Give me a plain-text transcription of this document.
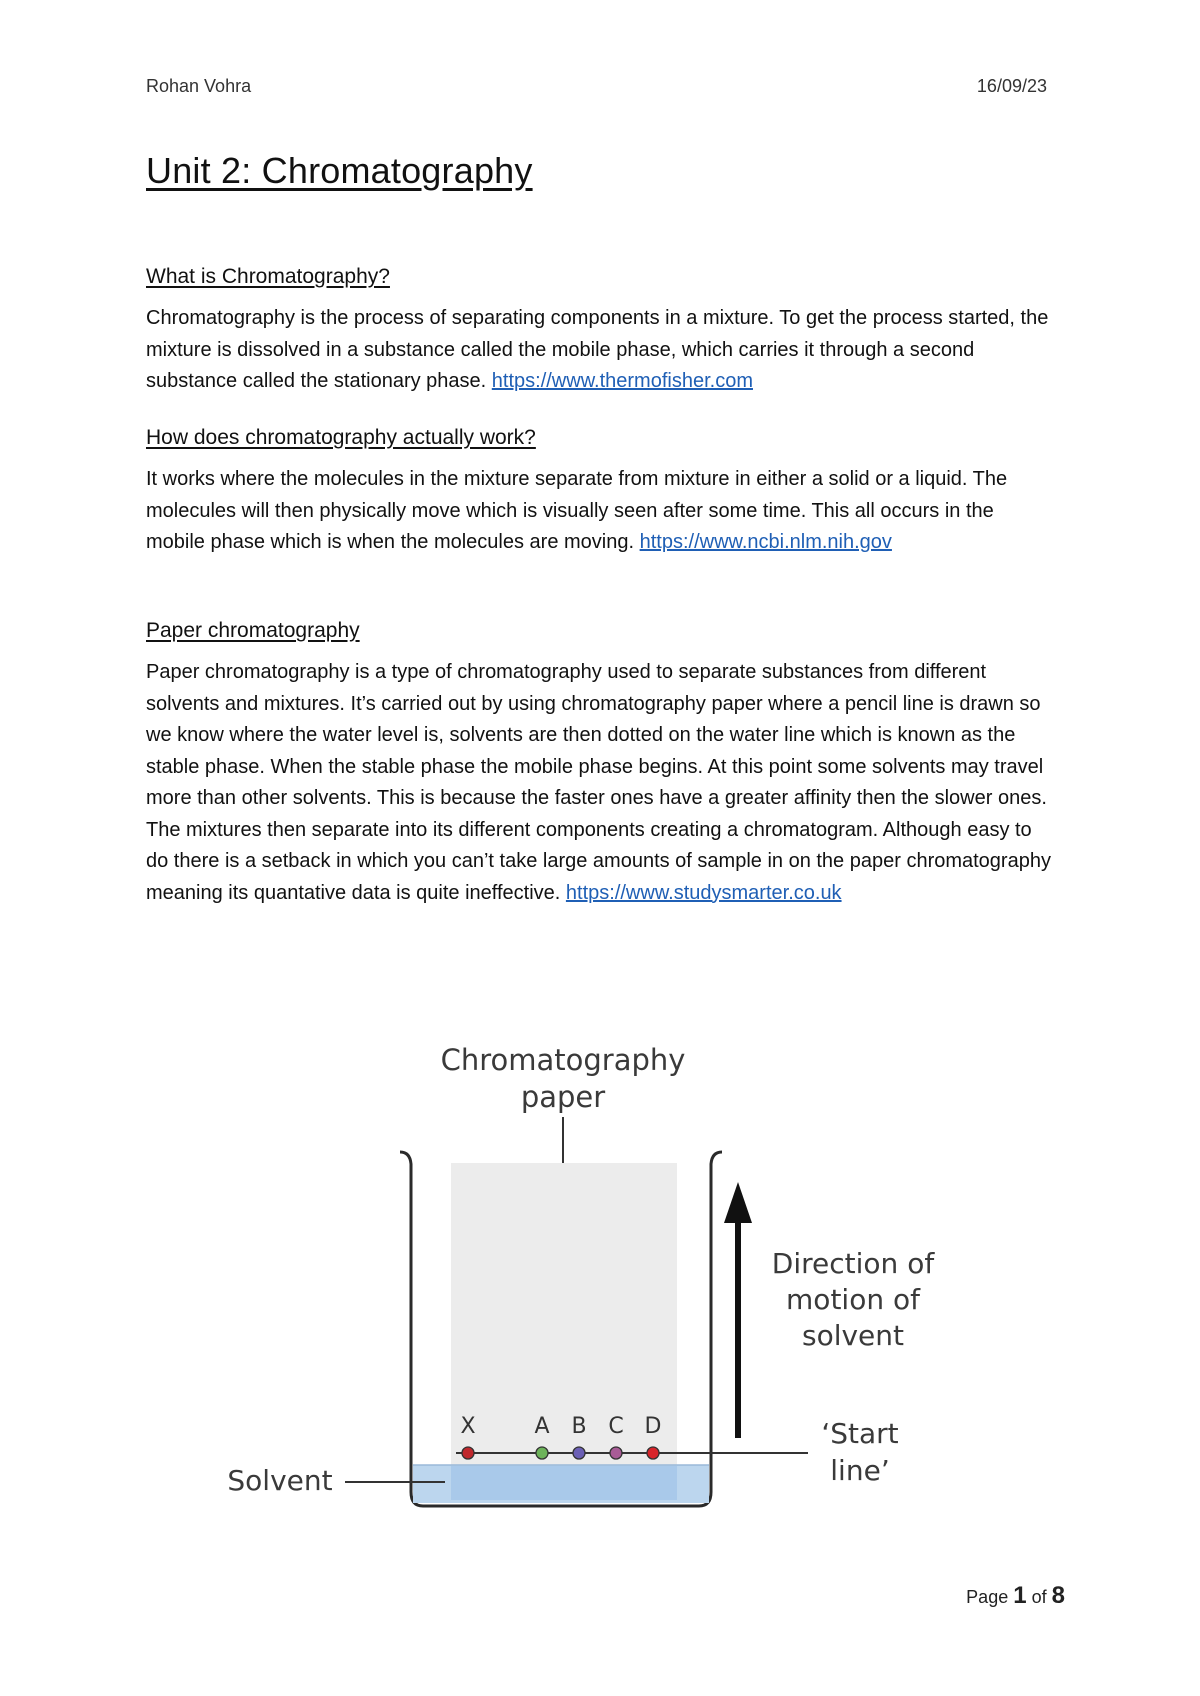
Rohan Vohra	16/09/23
Unit 2: Chromatography
What is Chromatography?

Chromatography is the process of separating components in a mixture. To get the process started, the mixture is dissolved in a substance called the mobile phase, which carries it through a second substance called the stationary phase. https://www.thermofisher.com

How does chromatography actually work?

It works where the molecules in the mixture separate from mixture in either a solid or a liquid. The molecules will then physically move which is visually seen after some time. This all occurs in the mobile phase which is when the molecules are moving. https://www.ncbi.nlm.nih.gov

Paper chromatography

Paper chromatography is a type of chromatography used to separate substances from different solvents and mixtures. It’s carried out by using chromatography paper where a pencil line is drawn so we know where the water level is, solvents are then dotted on the water line which is known as the stable phase. When the stable phase the mobile phase begins. At this point some solvents may travel more than other solvents. This is because the faster ones have a greater affinity then the slower ones. The mixtures then separate into its different components creating a chromatogram. Although easy to do there is a setback in which you can’t take large amounts of sample in on the paper chromatography meaning its quantative data is quite ineffective. https://www.studysmarter.co.uk

Chromatography
paper
X	A B C D
Direction of
motion of
solvent
‘Start
line’
Solvent
Page 1 of 8
